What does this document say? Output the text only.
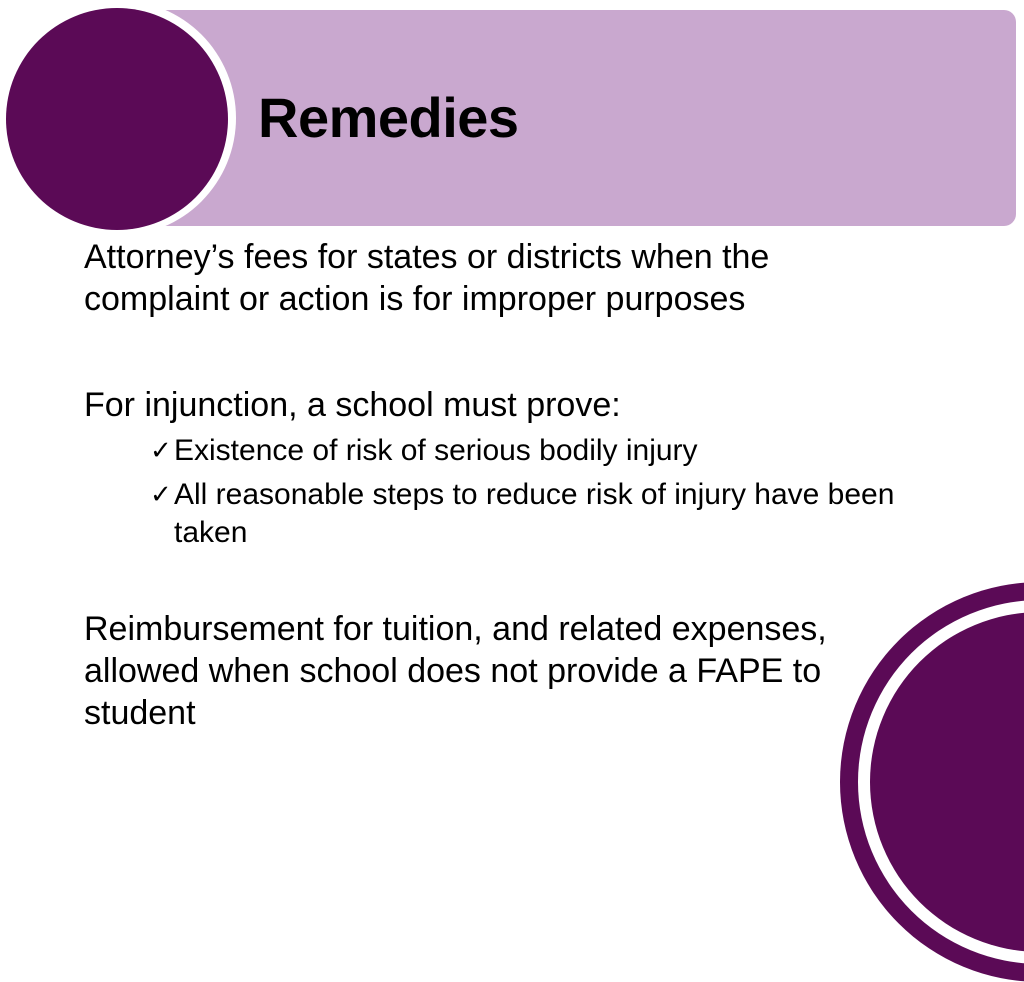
Remedies
Attorney’s fees for states or districts when the complaint or action is for improper purposes
For injunction, a school must prove:
✓ Existence of risk of serious bodily injury
✓ All reasonable steps to reduce risk of injury have been taken
Reimbursement for tuition, and related expenses, allowed when school does not provide a FAPE to student
